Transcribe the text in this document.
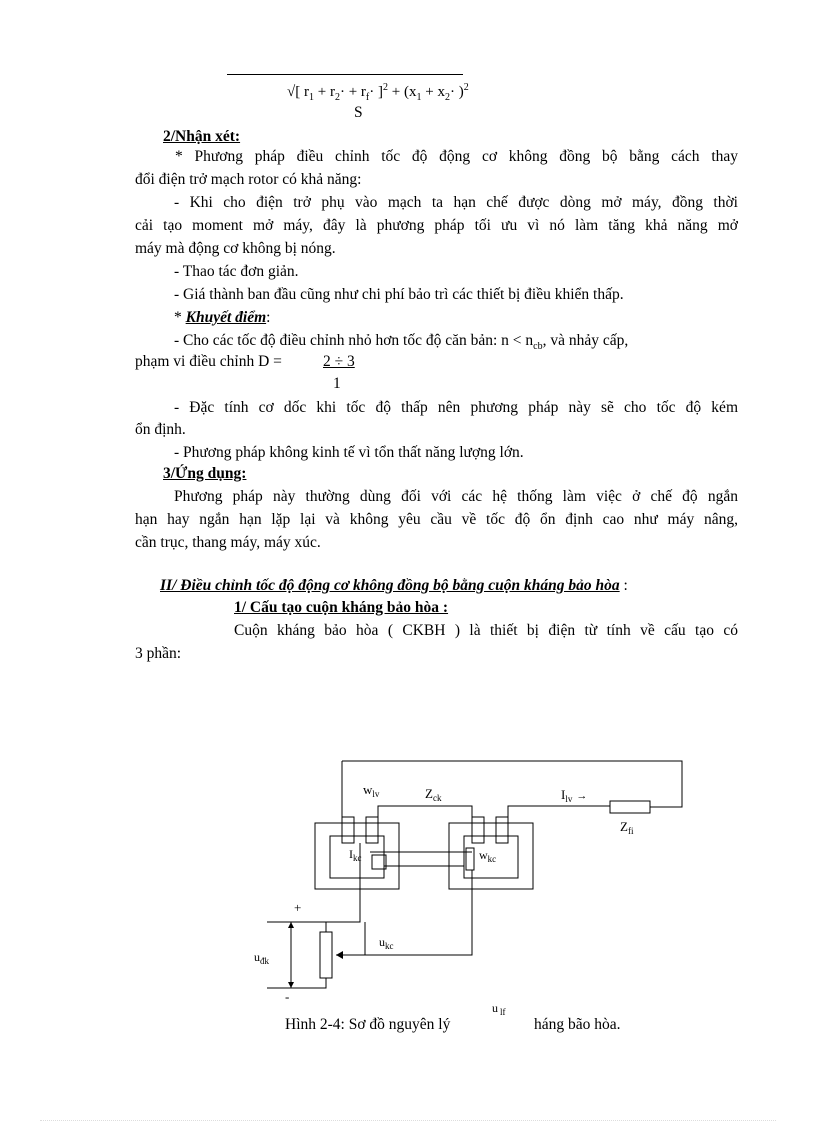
√[ $r_1 + r_2\cdot + r_f\cdot ]^2 + (x_1 + x_2\cdot )^2$
S
2/Nhận xét:
* Phương pháp điều chỉnh tốc độ động cơ không đồng bộ bằng cách thay
đổi điện trở mạch rotor có khả năng:
- Khi cho điện trở phụ vào mạch ta hạn chế được dòng mở máy, đồng thời
cải tạo moment mở máy, đây là phương pháp tối ưu vì nó làm tăng khả năng mở
máy mà động cơ không bị nóng.
- Thao tác đơn giản.
- Giá thành ban đầu cũng như chi phí bảo trì các thiết bị điều khiển thấp.
* Khuyết điểm:
- Cho các tốc độ điều chỉnh nhỏ hơn tốc độ căn bản: $n < n_{cb}$, và nhảy cấp,
phạm vi điều chỉnh D =	2 ÷ 3
1
- Đặc tính cơ dốc khi tốc độ thấp nên phương pháp này sẽ cho tốc độ kém
ổn định.
- Phương pháp không kinh tế vì tổn thất năng lượng lớn.
3/Ứng dụng:
Phương pháp này thường dùng đối với các hệ thống làm việc ở chế độ ngắn
hạn hay ngắn hạn lặp lại và không yêu cầu về tốc độ ổn định cao như máy nâng,
cần trục, thang máy, máy xúc.
II/ Điều chỉnh tốc độ động cơ không đồng bộ bằng cuộn kháng bảo hòa :
1/ Cấu tạo cuộn kháng bảo hòa :
Cuộn kháng bảo hòa ( CKBH ) là thiết bị điện từ tính về cấu tạo có
3 phần:
$w_{lv}$	$Z_{ck}$	$I_{lv}$ →
$Z_{fi}$
$I_{kc}$	$w_{kc}$
+
-
$u_{kc}$
$u_{đk}$
u $_{lf}$
Hình 2-4: Sơ đồ nguyên lý	háng bão hòa.
